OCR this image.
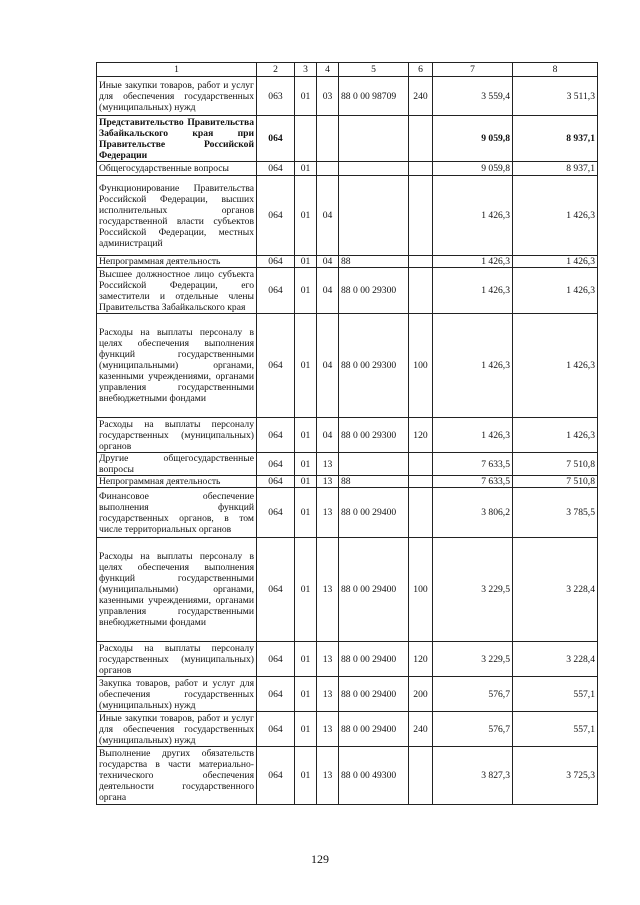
1	2	3	4	5	6	7	8
Иные закупки товаров, работ и услуг для обеспечения государственных (муниципальных) нужд	063	01	03	88 0 00 98709	240	3 559,4	3 511,3
Представительство Правительства Забайкальского края при Правительстве Российской Федерации	064					9 059,8	8 937,1
Общегосударственные вопросы	064	01				9 059,8	8 937,1
Функционирование Правительства Российской Федерации, высших исполнительных органов государственной власти субъектов Российской Федерации, местных администраций	064	01	04			1 426,3	1 426,3
Непрограммная деятельность	064	01	04	88		1 426,3	1 426,3
Высшее должностное лицо субъекта Российской Федерации, его заместители и отдельные члены Правительства Забайкальского края	064	01	04	88 0 00 29300		1 426,3	1 426,3
Расходы на выплаты персоналу в целях обеспечения выполнения функций государственными (муниципальными) органами, казенными учреждениями, органами управления государственными внебюджетными фондами	064	01	04	88 0 00 29300	100	1 426,3	1 426,3
Расходы на выплаты персоналу государственных (муниципальных) органов	064	01	04	88 0 00 29300	120	1 426,3	1 426,3
Другие общегосударственные вопросы	064	01	13			7 633,5	7 510,8
Непрограммная деятельность	064	01	13	88		7 633,5	7 510,8
Финансовое обеспечение выполнения функций государственных органов, в том числе территориальных органов	064	01	13	88 0 00 29400		3 806,2	3 785,5
Расходы на выплаты персоналу в целях обеспечения выполнения функций государственными (муниципальными) органами, казенными учреждениями, органами управления государственными внебюджетными фондами	064	01	13	88 0 00 29400	100	3 229,5	3 228,4
Расходы на выплаты персоналу государственных (муниципальных) органов	064	01	13	88 0 00 29400	120	3 229,5	3 228,4
Закупка товаров, работ и услуг для обеспечения государственных (муниципальных) нужд	064	01	13	88 0 00 29400	200	576,7	557,1
Иные закупки товаров, работ и услуг для обеспечения государственных (муниципальных) нужд	064	01	13	88 0 00 29400	240	576,7	557,1
Выполнение других обязательств государства в части материально-технического обеспечения деятельности государственного органа	064	01	13	88 0 00 49300		3 827,3	3 725,3
129
